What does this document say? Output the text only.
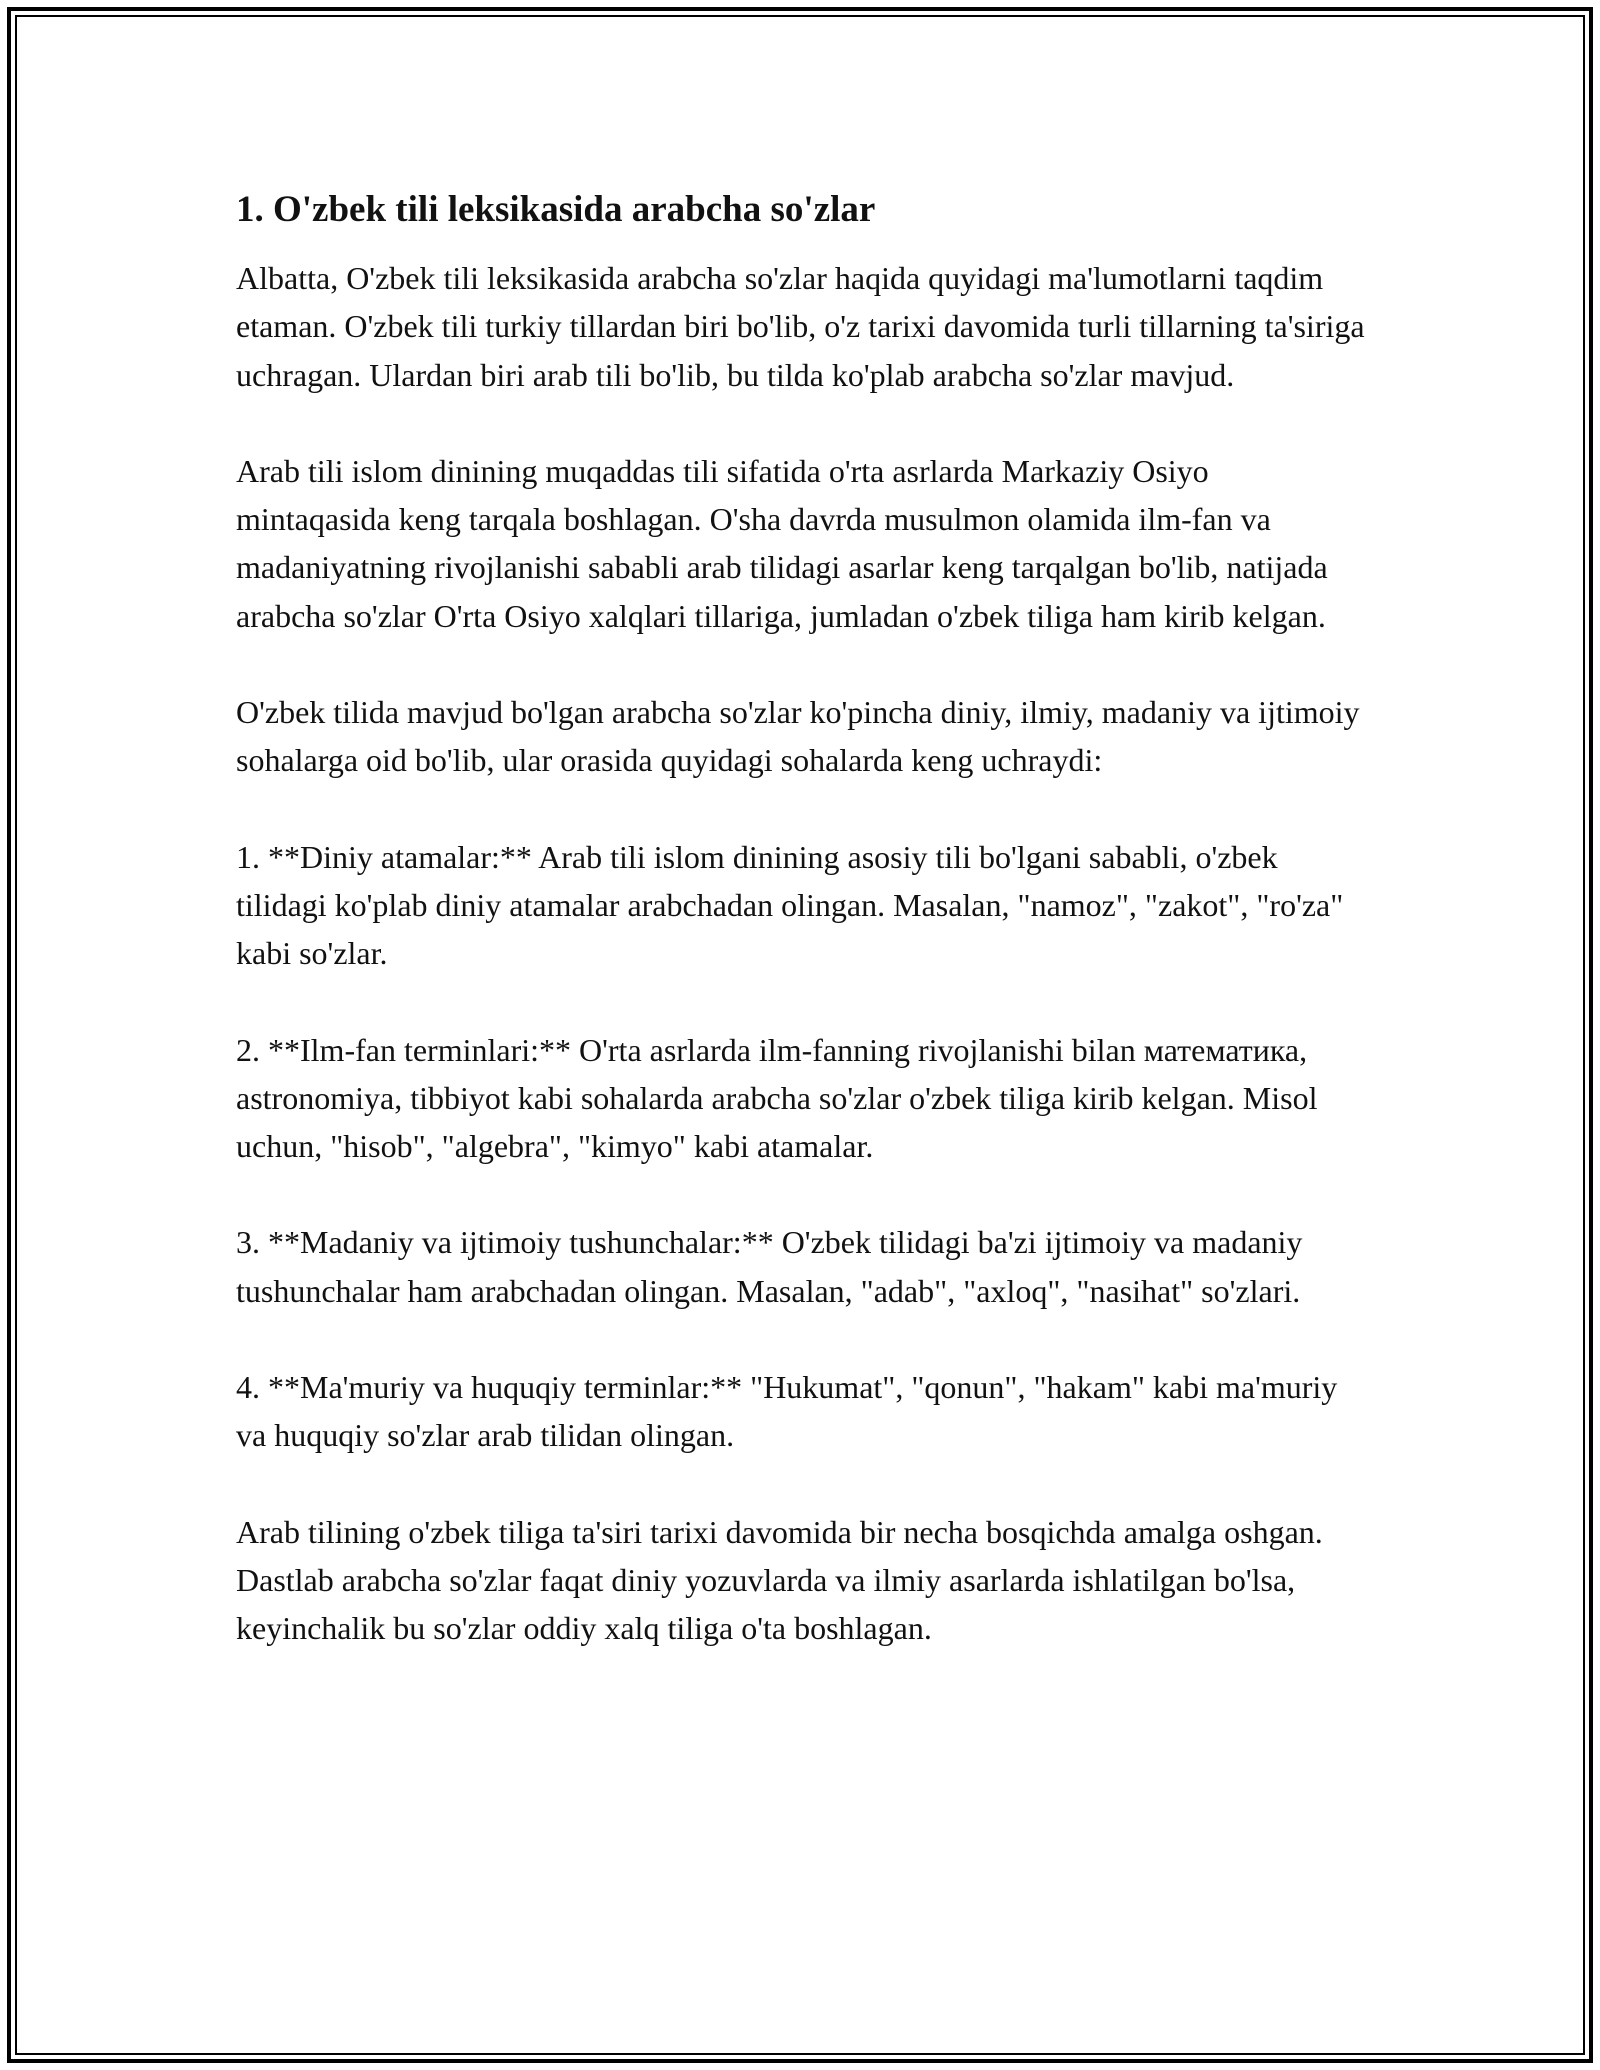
1. O'zbek tili leksikasida arabcha so'zlar

Albatta, O'zbek tili leksikasida arabcha so'zlar haqida quyidagi ma'lumotlarni taqdim etaman. O'zbek tili turkiy tillardan biri bo'lib, o'z tarixi davomida turli tillarning ta'siriga uchragan. Ulardan biri arab tili bo'lib, bu tilda ko'plab arabcha so'zlar mavjud.

Arab tili islom dinining muqaddas tili sifatida o'rta asrlarda Markaziy Osiyo mintaqasida keng tarqala boshlagan. O'sha davrda musulmon olamida ilm-fan va madaniyatning rivojlanishi sababli arab tilidagi asarlar keng tarqalgan bo'lib, natijada arabcha so'zlar O'rta Osiyo xalqlari tillariga, jumladan o'zbek tiliga ham kirib kelgan.

O'zbek tilida mavjud bo'lgan arabcha so'zlar ko'pincha diniy, ilmiy, madaniy va ijtimoiy sohalarga oid bo'lib, ular orasida quyidagi sohalarda keng uchraydi:

1. **Diniy atamalar:** Arab tili islom dinining asosiy tili bo'lgani sababli, o'zbek tilidagi ko'plab diniy atamalar arabchadan olingan. Masalan, "namoz", "zakot", "ro'za" kabi so'zlar.

2. **Ilm-fan terminlari:** O'rta asrlarda ilm-fanning rivojlanishi bilan математика, astronomiya, tibbiyot kabi sohalarda arabcha so'zlar o'zbek tiliga kirib kelgan. Misol uchun, "hisob", "algebra", "kimyo" kabi atamalar.

3. **Madaniy va ijtimoiy tushunchalar:** O'zbek tilidagi ba'zi ijtimoiy va madaniy tushunchalar ham arabchadan olingan. Masalan, "adab", "axloq", "nasihat" so'zlari.

4. **Ma'muriy va huquqiy terminlar:** "Hukumat", "qonun", "hakam" kabi ma'muriy va huquqiy so'zlar arab tilidan olingan.

Arab tilining o'zbek tiliga ta'siri tarixi davomida bir necha bosqichda amalga oshgan. Dastlab arabcha so'zlar faqat diniy yozuvlarda va ilmiy asarlarda ishlatilgan bo'lsa, keyinchalik bu so'zlar oddiy xalq tiliga o'ta boshlagan.
